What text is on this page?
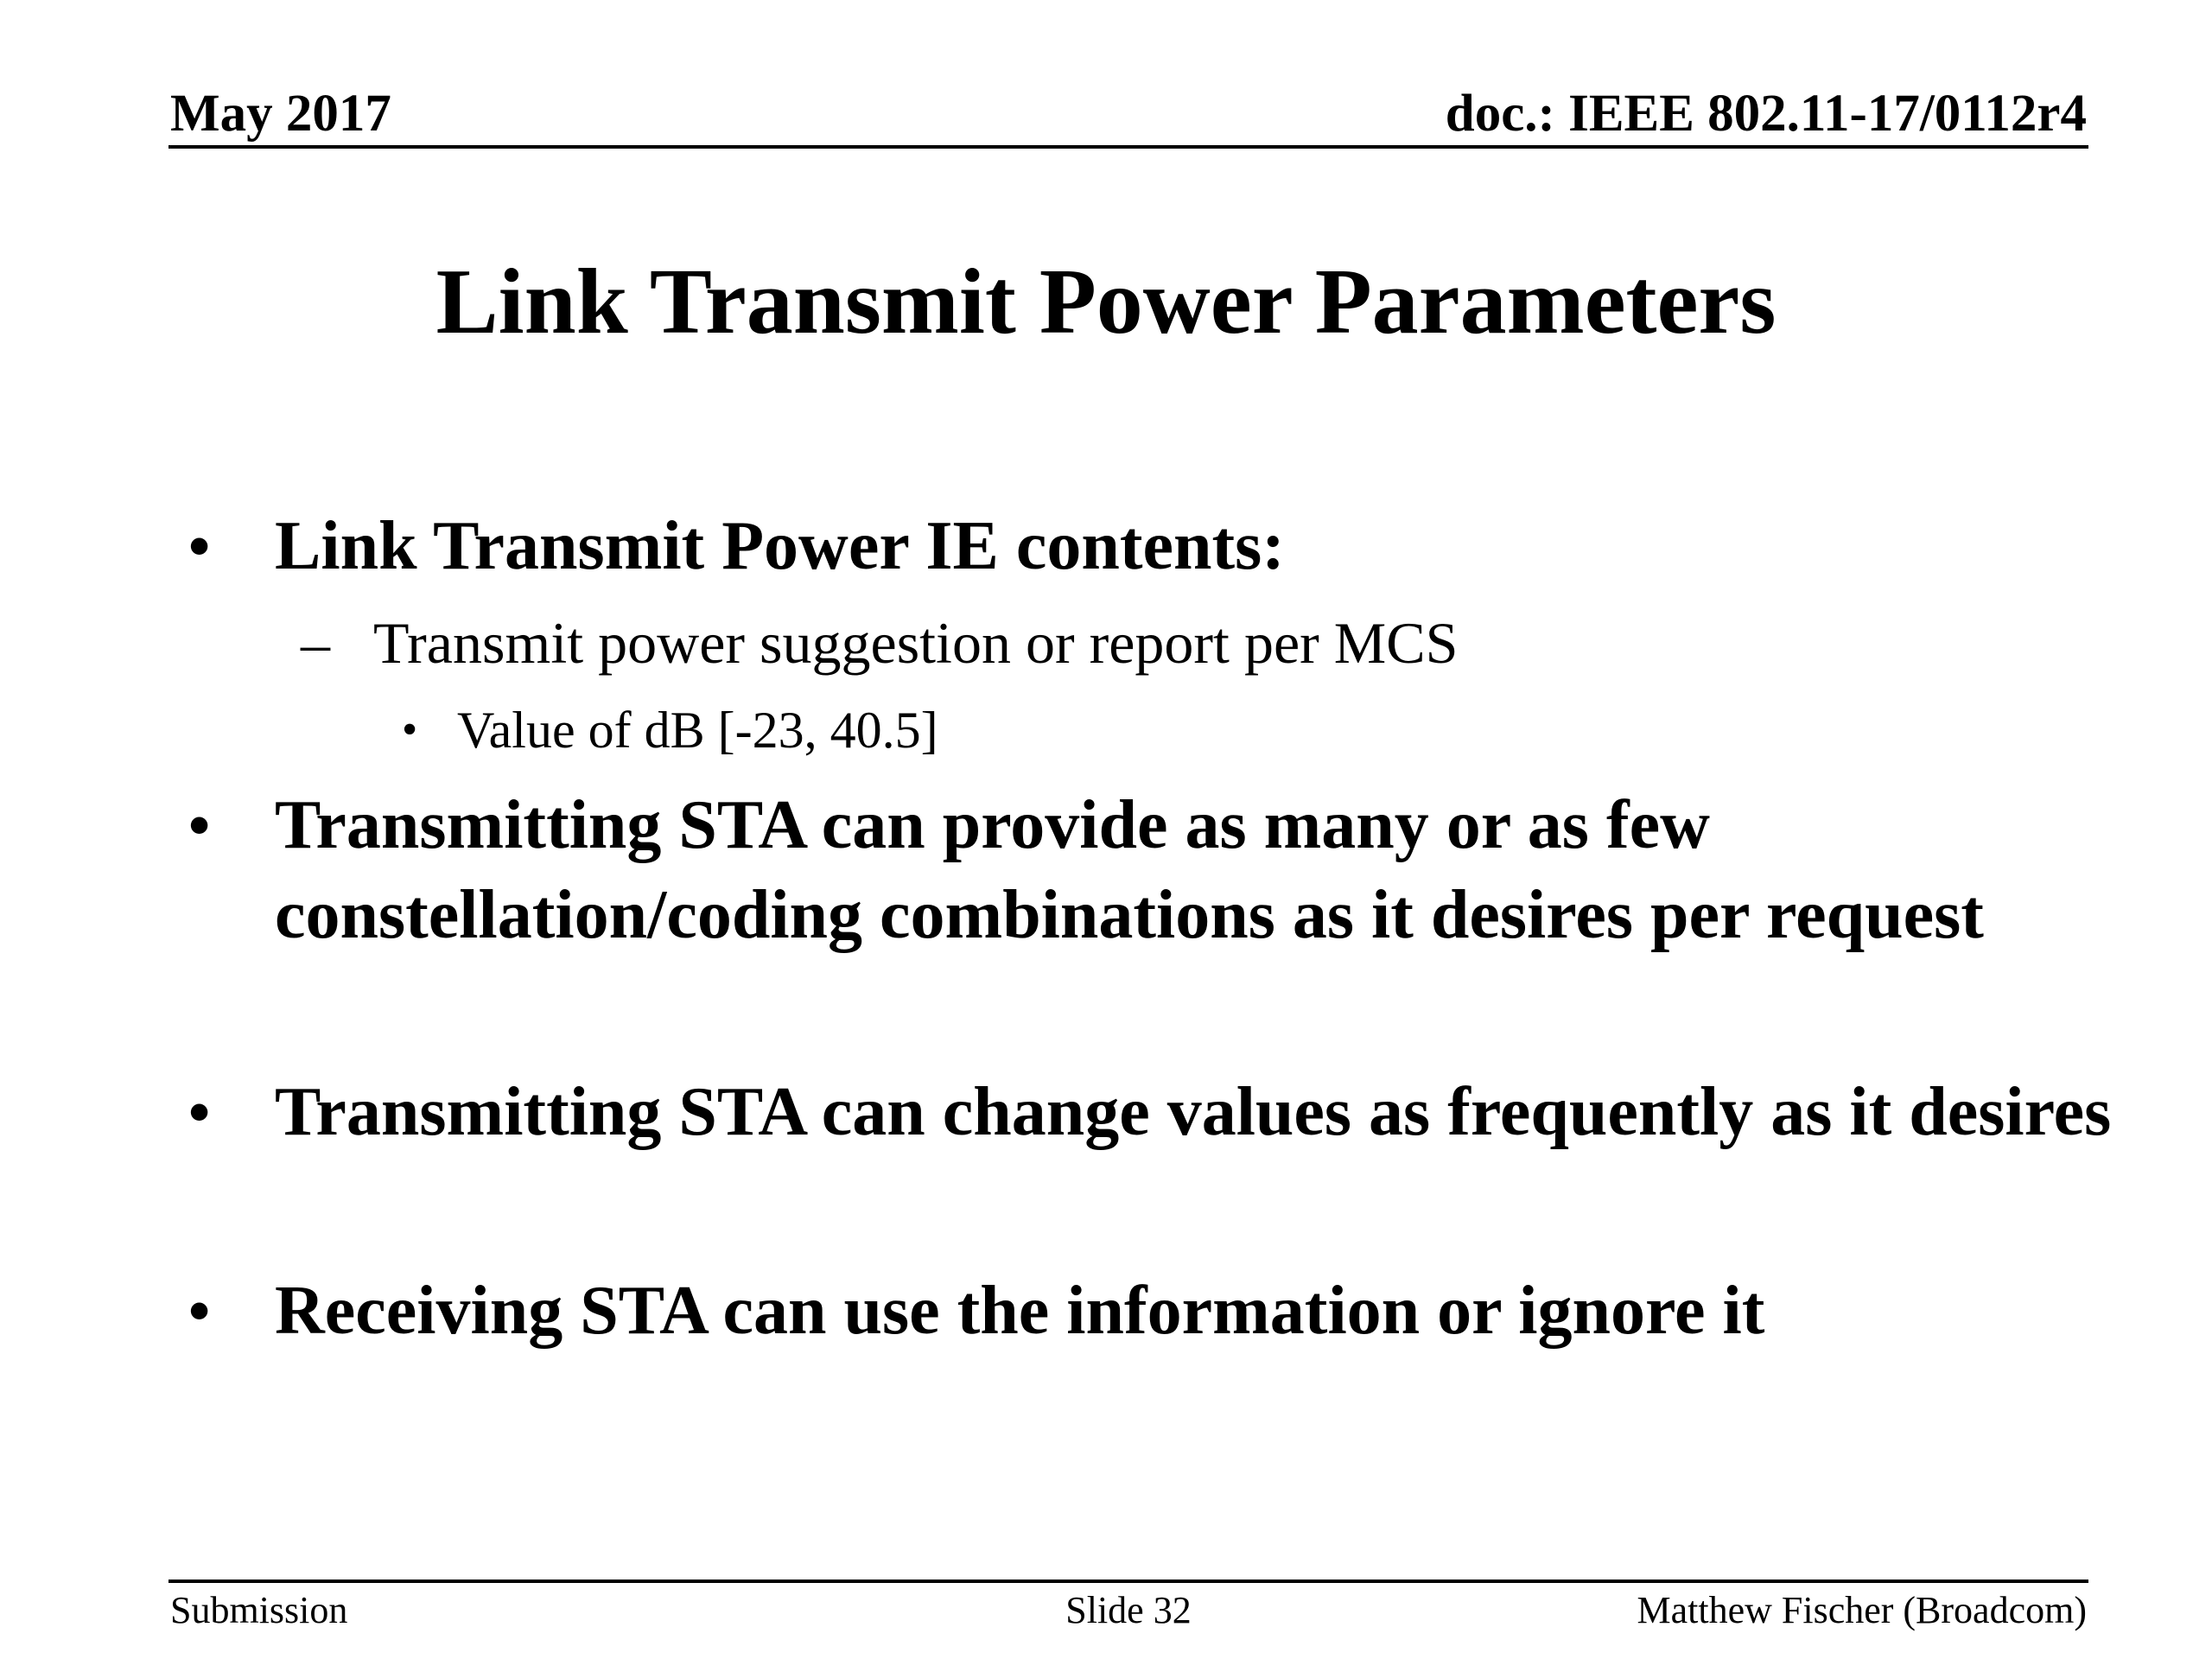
May 2017	doc.: IEEE 802.11-17/0112r4
Link Transmit Power Parameters
• Link Transmit Power IE contents:
– Transmit power suggestion or report per MCS
• Value of dB [-23, 40.5]
• Transmitting STA can provide as many or as few constellation/coding combinations as it desires per request
• Transmitting STA can change values as frequently as it desires
• Receiving STA can use the information or ignore it
Submission	Slide 32	Matthew Fischer (Broadcom)
